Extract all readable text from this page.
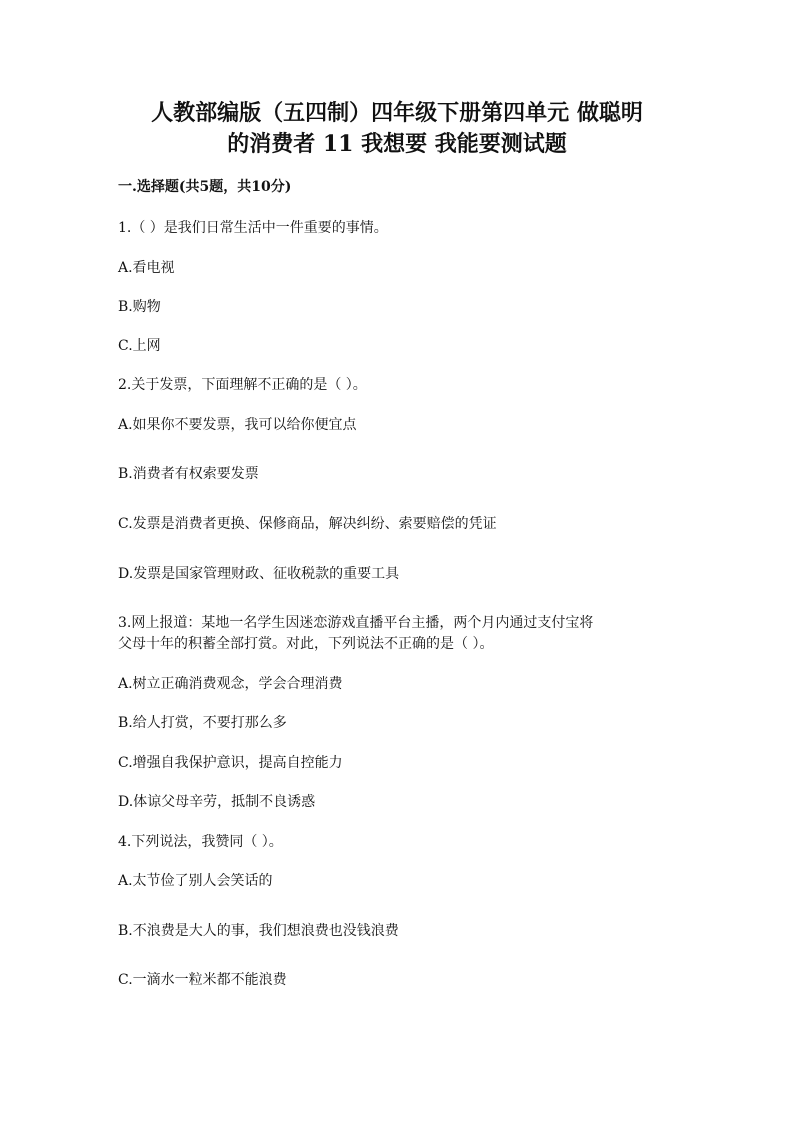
人教部编版（五四制）四年级下册第四单元 做聪明
的消费者 11 我想要 我能要测试题
一.选择题(共5题，共10分)
1.（ ）是我们日常生活中一件重要的事情。
A.看电视
B.购物
C.上网
2.关于发票，下面理解不正确的是（ ）。
A.如果你不要发票，我可以给你便宜点
B.消费者有权索要发票
C.发票是消费者更换、保修商品，解决纠纷、索要赔偿的凭证
D.发票是国家管理财政、征收税款的重要工具
3.网上报道：某地一名学生因迷恋游戏直播平台主播，两个月内通过支付宝将
父母十年的积蓄全部打赏。对此，下列说法不正确的是（ ）。
A.树立正确消费观念，学会合理消费
B.给人打赏，不要打那么多
C.增强自我保护意识，提高自控能力
D.体谅父母辛劳，抵制不良诱惑
4.下列说法，我赞同（ ）。
A.太节俭了别人会笑话的
B.不浪费是大人的事，我们想浪费也没钱浪费
C.一滴水一粒米都不能浪费
